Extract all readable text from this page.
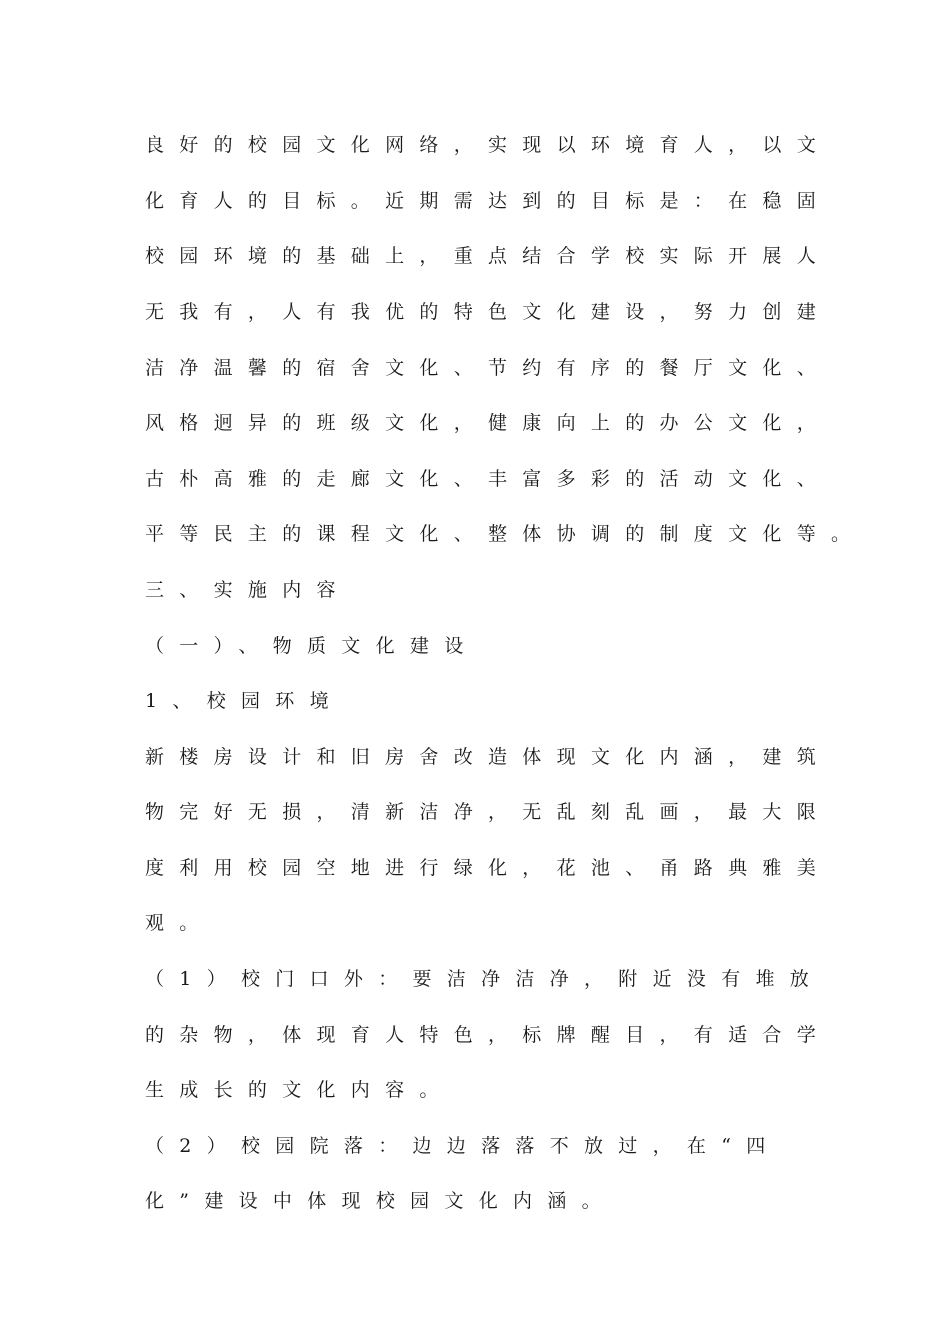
良好的校园文化网络，实现以环境育人，以文
化育人的目标。近期需达到的目标是：在稳固
校园环境的基础上，重点结合学校实际开展人
无我有，人有我优的特色文化建设，努力创建
洁净温馨的宿舍文化、节约有序的餐厅文化、
风格迥异的班级文化，健康向上的办公文化，
古朴高雅的走廊文化、丰富多彩的活动文化、
平等民主的课程文化、整体协调的制度文化等。
三、实施内容
（一）、物质文化建设
1、校园环境
新楼房设计和旧房舍改造体现文化内涵，建筑
物完好无损，清新洁净，无乱刻乱画，最大限
度利用校园空地进行绿化，花池、甬路典雅美
观。
（1）校门口外：要洁净洁净，附近没有堆放
的杂物，体现育人特色，标牌醒目，有适合学
生成长的文化内容。
（2）校园院落：边边落落不放过，在“四
化”建设中体现校园文化内涵。
